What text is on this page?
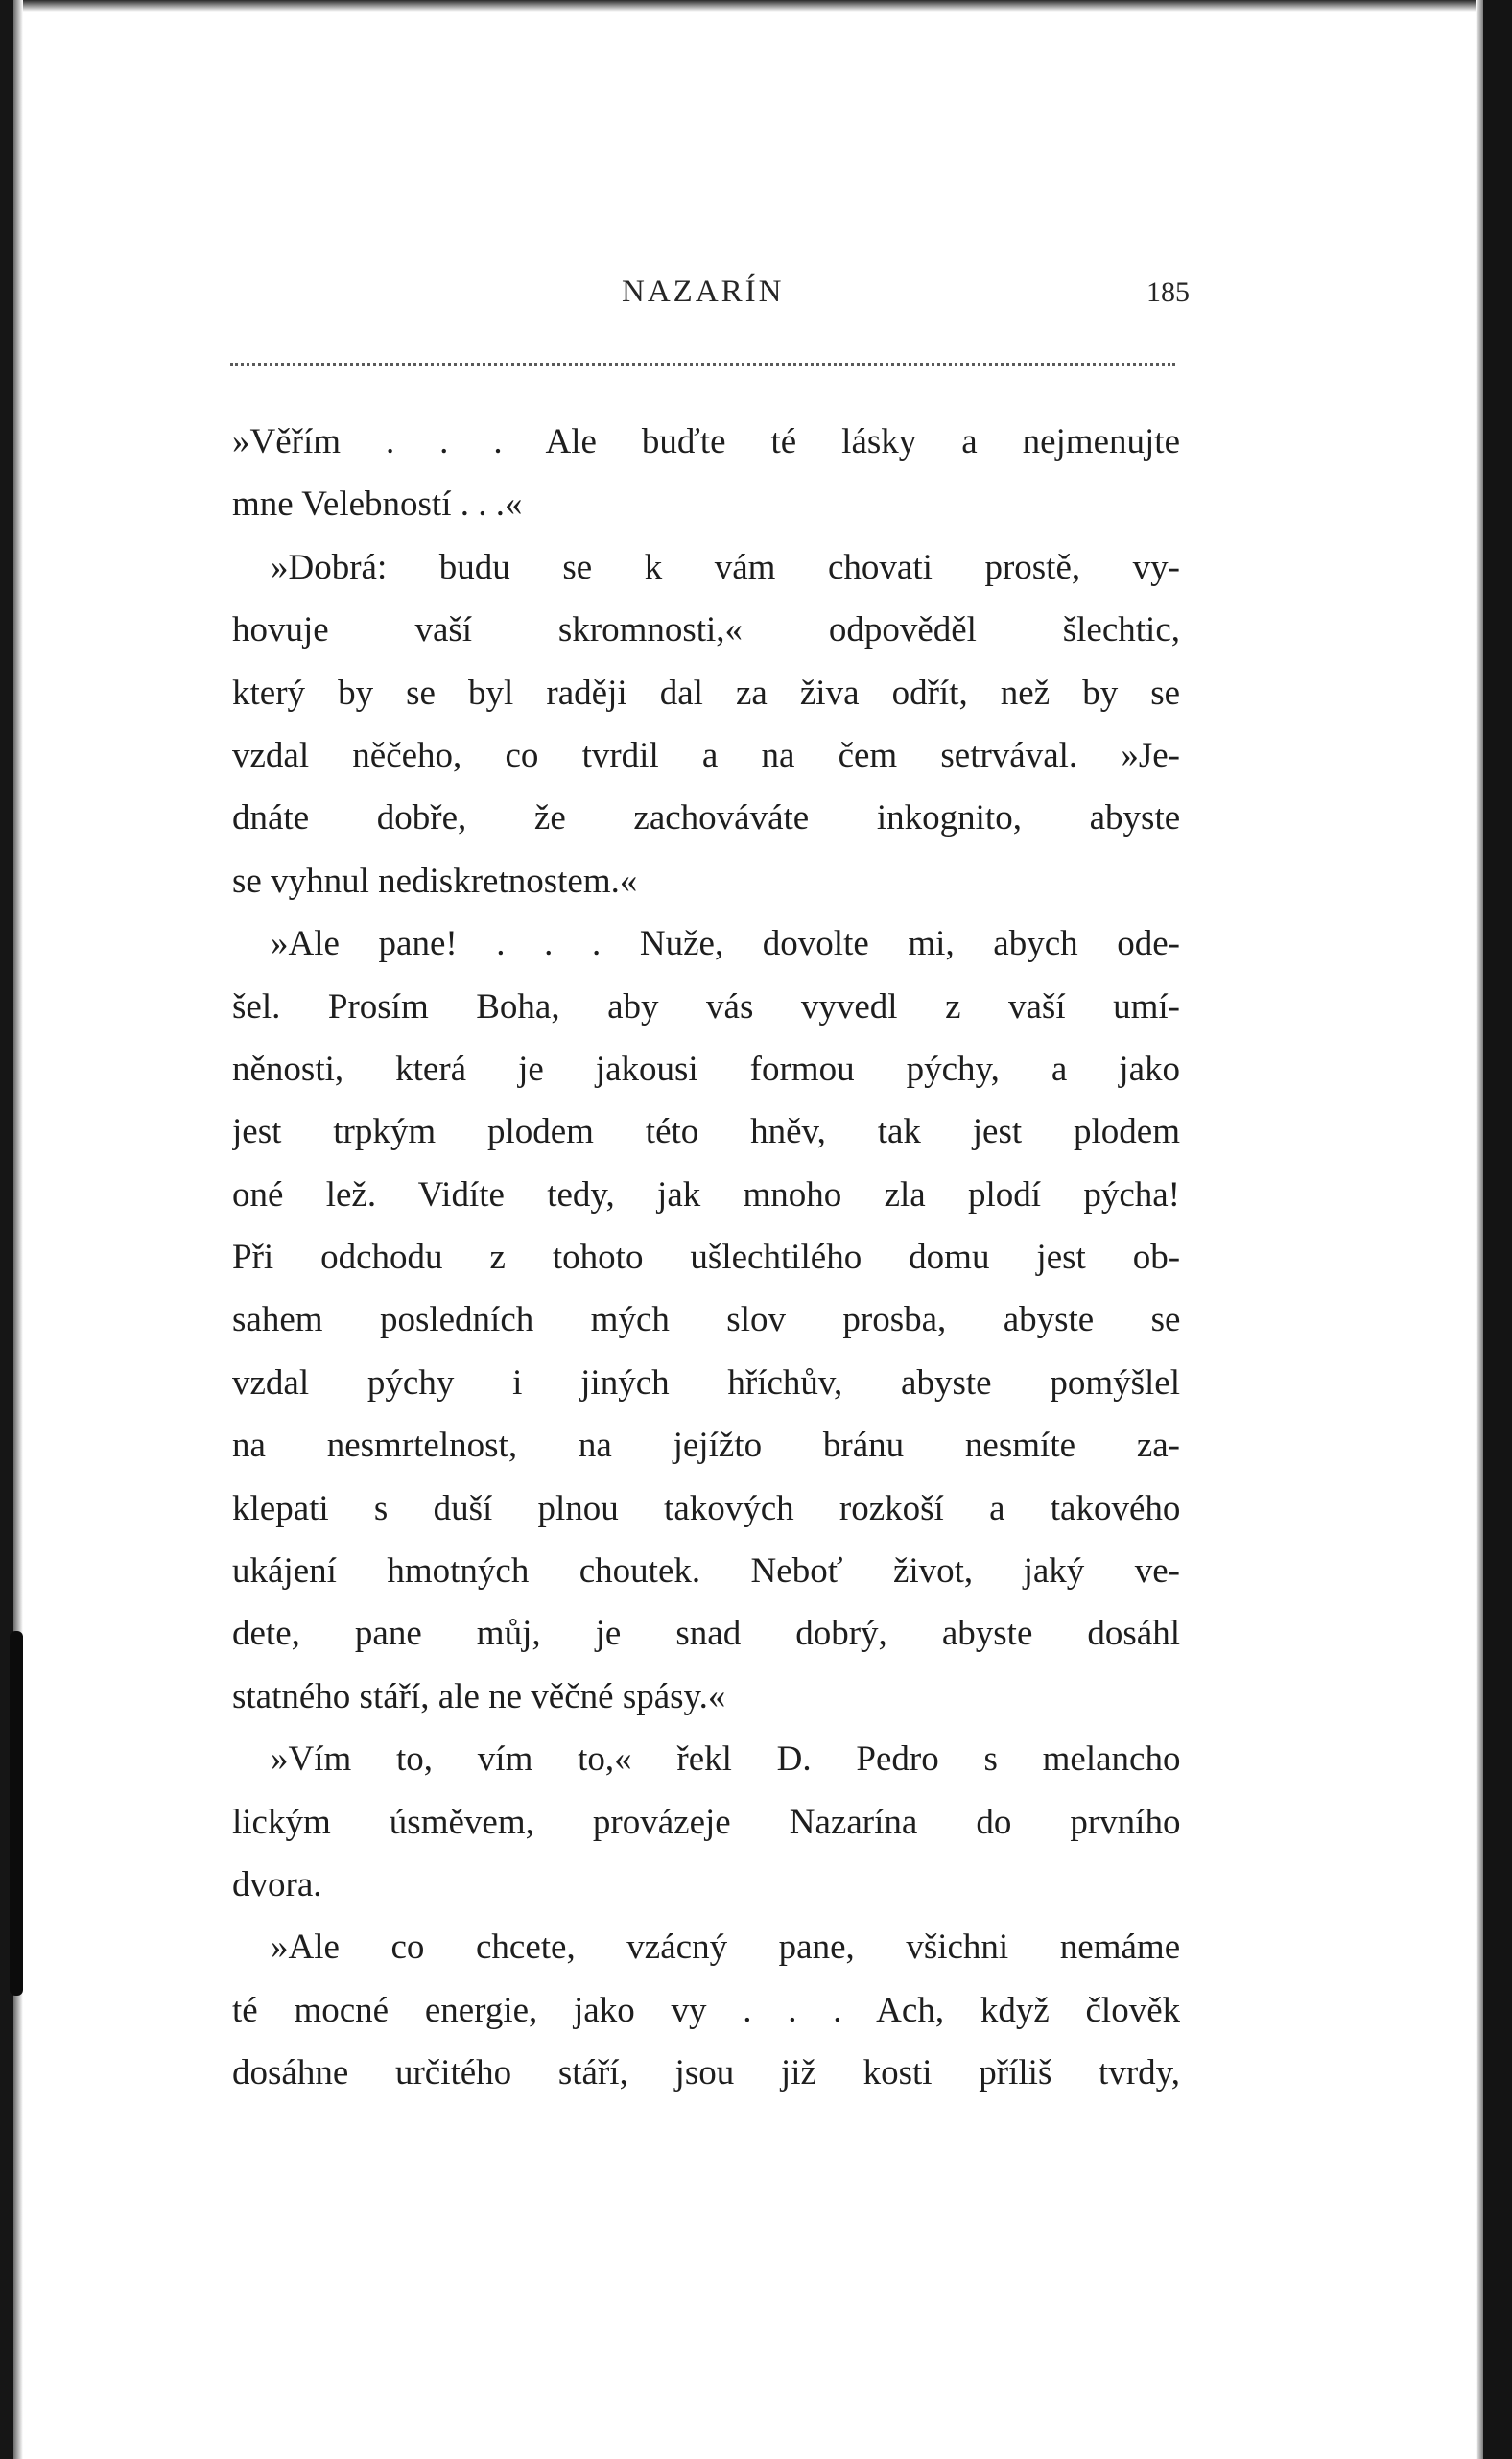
NAZARÍN	185
»Věřím . . . Ale buďte té lásky a nejmenujte
mne Velebností . . .«
»Dobrá: budu se k vám chovati prostě, vy-
hovuje vaší skromnosti,« odpověděl šlechtic,
který by se byl raději dal za živa odřít, než by se
vzdal něčeho, co tvrdil a na čem setrvával. »Je-
dnáte dobře, že zachováváte inkognito, abyste
se vyhnul nediskretnostem.«
»Ale pane! . . . Nuže, dovolte mi, abych ode-
šel. Prosím Boha, aby vás vyvedl z vaší umí-
něnosti, která je jakousi formou pýchy, a jako
jest trpkým plodem této hněv, tak jest plodem
oné lež. Vidíte tedy, jak mnoho zla plodí pýcha!
Při odchodu z tohoto ušlechtilého domu jest ob-
sahem posledních mých slov prosba, abyste se
vzdal pýchy i jiných hříchův, abyste pomýšlel
na nesmrtelnost, na jejížto bránu nesmíte za-
klepati s duší plnou takových rozkoší a takového
ukájení hmotných choutek. Neboť život, jaký ve-
dete, pane můj, je snad dobrý, abyste dosáhl
statného stáří, ale ne věčné spásy.«
»Vím to, vím to,« řekl D. Pedro s melancho
lickým úsměvem, provázeje Nazarína do prvního
dvora.
»Ale co chcete, vzácný pane, všichni nemáme
té mocné energie, jako vy . . . Ach, když člověk
dosáhne určitého stáří, jsou již kosti příliš tvrdy,
